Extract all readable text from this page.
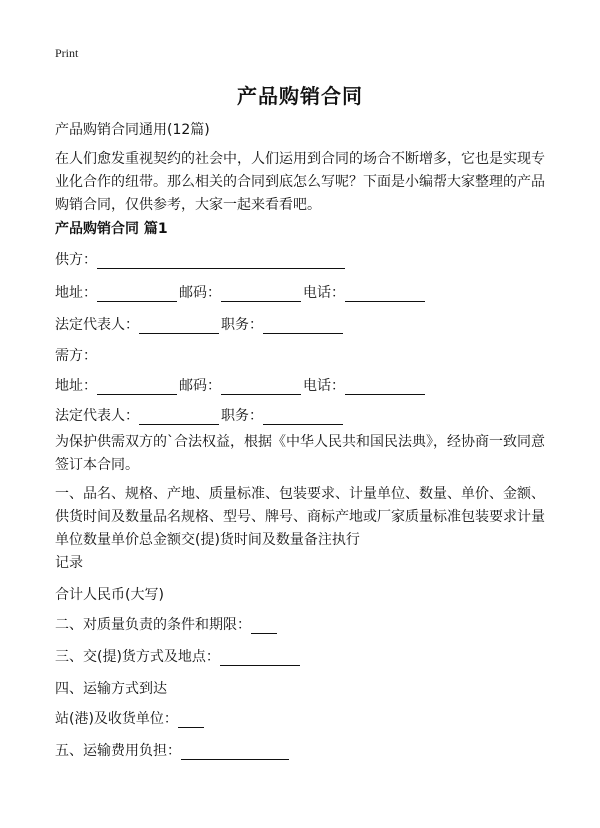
Print
产品购销合同
产品购销合同通用(12篇)
在人们愈发重视契约的社会中，人们运用到合同的场合不断增多，它也是实现专业化合作的纽带。那么相关的合同到底怎么写呢？下面是小编帮大家整理的产品购销合同，仅供参考，大家一起来看看吧。
产品购销合同 篇1
供方：
地址：	邮码：	电话：
法定代表人：	职务：
需方：
地址：	邮码：	电话：
法定代表人：	职务：
为保护供需双方的`合法权益，根据《中华人民共和国民法典》，经协商一致同意签订本合同。
一、品名、规格、产地、质量标准、包装要求、计量单位、数量、单价、金额、供货时间及数量品名规格、型号、牌号、商标产地或厂家质量标准包装要求计量单位数量单价总金额交(提)货时间及数量备注执行
记录
合计人民币(大写)
二、对质量负责的条件和期限：
三、交(提)货方式及地点：
四、运输方式到达
站(港)及收货单位：
五、运输费用负担：
